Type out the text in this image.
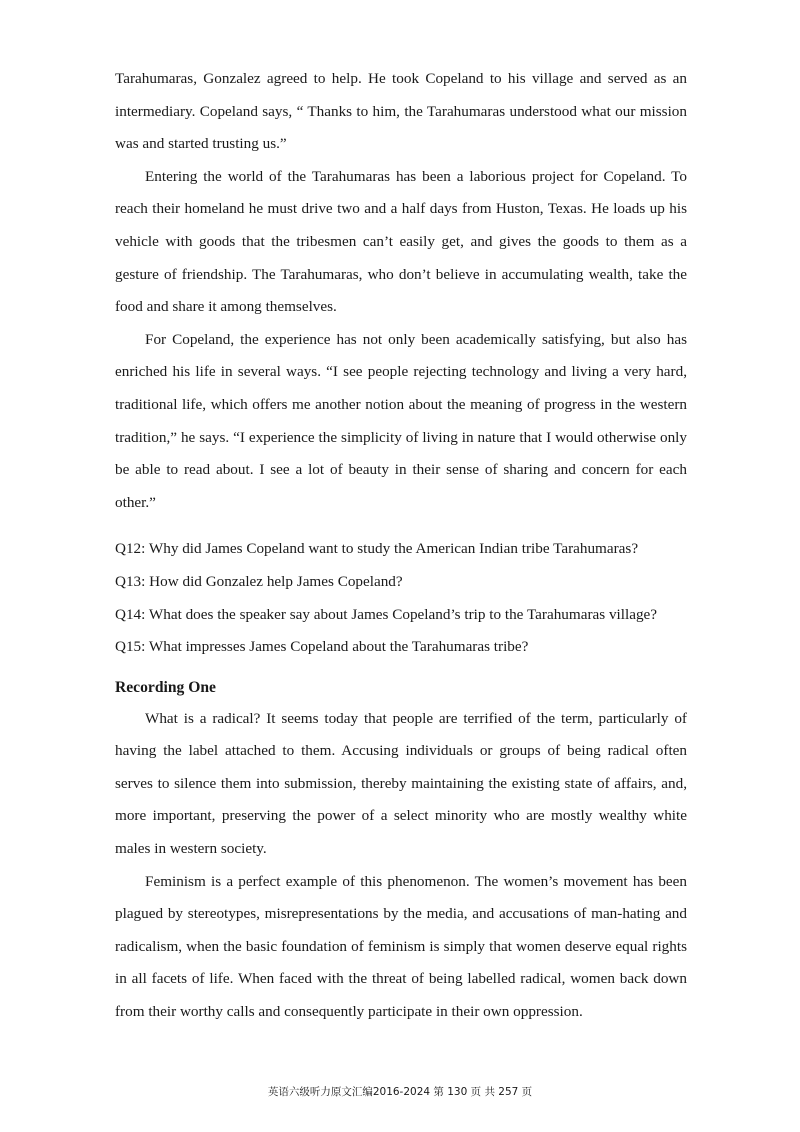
Tarahumaras, Gonzalez agreed to help. He took Copeland to his village and served as an intermediary. Copeland says, “ Thanks to him, the Tarahumaras understood what our mission was and started trusting us.”

Entering the world of the Tarahumaras has been a laborious project for Copeland. To reach their homeland he must drive two and a half days from Huston, Texas. He loads up his vehicle with goods that the tribesmen can’t easily get, and gives the goods to them as a gesture of friendship. The Tarahumaras, who don’t believe in accumulating wealth, take the food and share it among themselves.

For Copeland, the experience has not only been academically satisfying, but also has enriched his life in several ways. “I see people rejecting technology and living a very hard, traditional life, which offers me another notion about the meaning of progress in the western tradition,” he says. “I experience the simplicity of living in nature that I would otherwise only be able to read about. I see a lot of beauty in their sense of sharing and concern for each other.”

Q12: Why did James Copeland want to study the American Indian tribe Tarahumaras?

Q13: How did Gonzalez help James Copeland?

Q14: What does the speaker say about James Copeland’s trip to the Tarahumaras village?

Q15: What impresses James Copeland about the Tarahumaras tribe?

Recording One

What is a radical? It seems today that people are terrified of the term, particularly of having the label attached to them. Accusing individuals or groups of being radical often serves to silence them into submission, thereby maintaining the existing state of affairs, and, more important, preserving the power of a select minority who are mostly wealthy white males in western society.

Feminism is a perfect example of this phenomenon. The women’s movement has been plagued by stereotypes, misrepresentations by the media, and accusations of man-hating and radicalism, when the basic foundation of feminism is simply that women deserve equal rights in all facets of life. When faced with the threat of being labelled radical, women back down from their worthy calls and consequently participate in their own oppression.

英语六级听力原文汇编2016-2024 第 130 页 共 257 页
